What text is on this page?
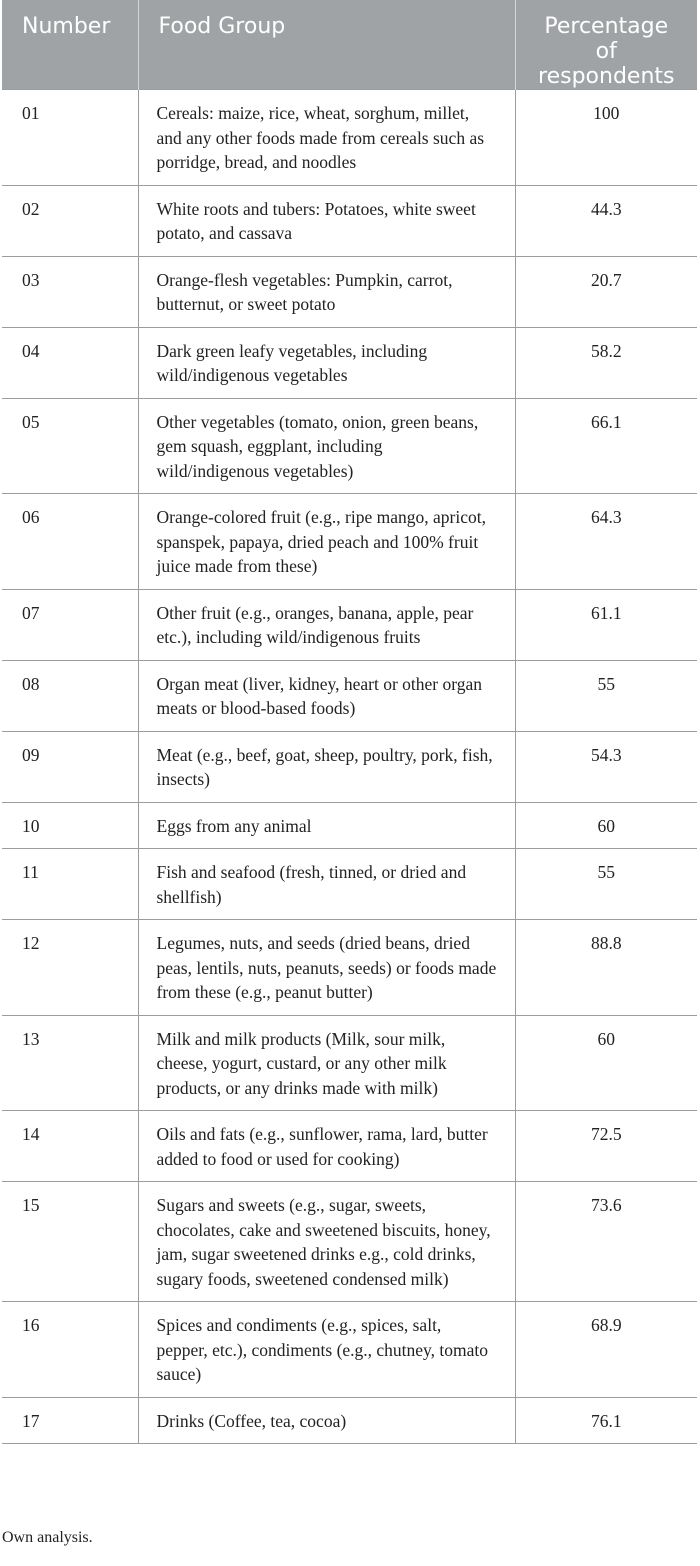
Number	Food Group	Percentage
of
respondents
01	Cereals: maize, rice, wheat, sorghum, millet, and any other foods made from cereals such as porridge, bread, and noodles	100
02	White roots and tubers: Potatoes, white sweet potato, and cassava	44.3
03	Orange-flesh vegetables: Pumpkin, carrot, butternut, or sweet potato	20.7
04	Dark green leafy vegetables, including wild/indigenous vegetables	58.2
05	Other vegetables (tomato, onion, green beans, gem squash, eggplant, including wild/indigenous vegetables)	66.1
06	Orange-colored fruit (e.g., ripe mango, apricot, spanspek, papaya, dried peach and 100% fruit juice made from these)	64.3
07	Other fruit (e.g., oranges, banana, apple, pear etc.), including wild/indigenous fruits	61.1
08	Organ meat (liver, kidney, heart or other organ meats or blood-based foods)	55
09	Meat (e.g., beef, goat, sheep, poultry, pork, fish, insects)	54.3
10	Eggs from any animal	60
11	Fish and seafood (fresh, tinned, or dried and shellfish)	55
12	Legumes, nuts, and seeds (dried beans, dried peas, lentils, nuts, peanuts, seeds) or foods made from these (e.g., peanut butter)	88.8
13	Milk and milk products (Milk, sour milk, cheese, yogurt, custard, or any other milk products, or any drinks made with milk)	60
14	Oils and fats (e.g., sunflower, rama, lard, butter added to food or used for cooking)	72.5
15	Sugars and sweets (e.g., sugar, sweets, chocolates, cake and sweetened biscuits, honey, jam, sugar sweetened drinks e.g., cold drinks, sugary foods, sweetened condensed milk)	73.6
16	Spices and condiments (e.g., spices, salt, pepper, etc.), condiments (e.g., chutney, tomato sauce)	68.9
17	Drinks (Coffee, tea, cocoa)	76.1
Own analysis.
